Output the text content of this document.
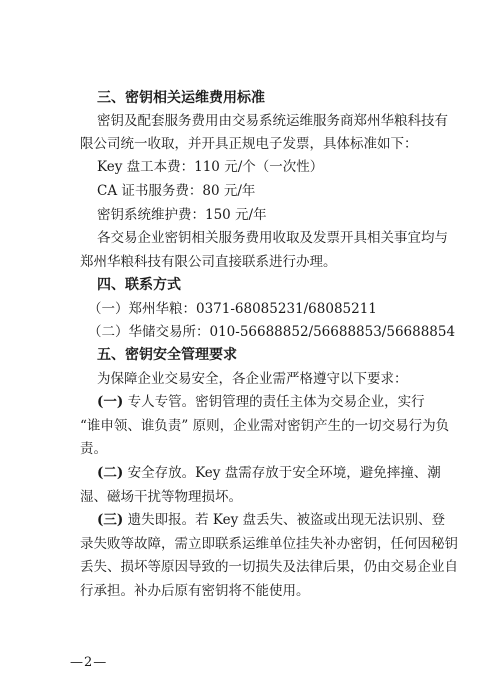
三、密钥相关运维费用标准
密钥及配套服务费用由交易系统运维服务商郑州华粮科技有
限公司统一收取，并开具正规电子发票，具体标准如下：
Key 盘工本费：110 元/个（一次性）
CA 证书服务费：80 元/年
密钥系统维护费：150 元/年
各交易企业密钥相关服务费用收取及发票开具相关事宜均与
郑州华粮科技有限公司直接联系进行办理。
四、联系方式
（一）郑州华粮：0371-68085231/68085211
（二）华储交易所：010-56688852/56688853/56688854
五、密钥安全管理要求
为保障企业交易安全，各企业需严格遵守以下要求：
(一) 专人专管。密钥管理的责任主体为交易企业，实行
“谁申领、谁负责” 原则，企业需对密钥产生的一切交易行为负
责。
(二) 安全存放。Key 盘需存放于安全环境，避免摔撞、潮
湿、磁场干扰等物理损坏。
(三) 遗失即报。若 Key 盘丢失、被盗或出现无法识别、登
录失败等故障，需立即联系运维单位挂失补办密钥，任何因秘钥
丢失、损坏等原因导致的一切损失及法律后果，仍由交易企业自
行承担。补办后原有密钥将不能使用。
—2—
